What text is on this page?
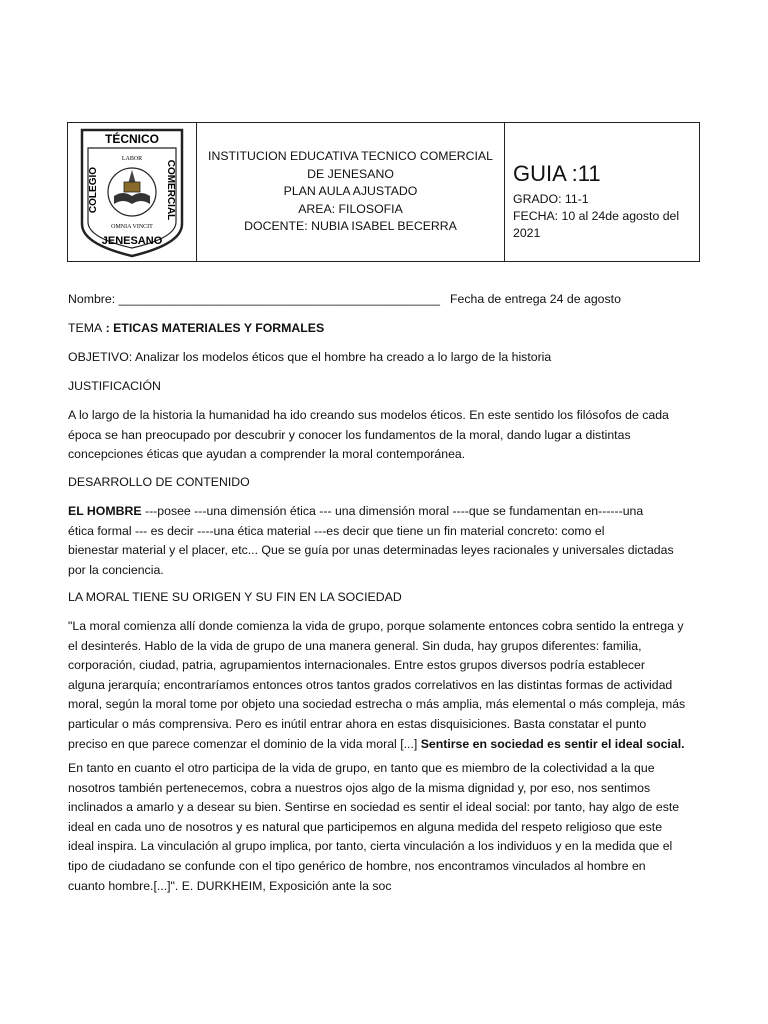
TÉCNICO
COLEGIO	COMERCIAL
LABOR
OMNIA VINCIT
JENESANO
INSTITUCION EDUCATIVA TECNICO COMERCIAL
DE JENESANO
PLAN AULA AJUSTADO
AREA: FILOSOFIA
DOCENTE: NUBIA ISABEL BECERRA
GUIA :11
GRADO: 11-1
FECHA: 10 al 24de agosto del
2021
Nombre: _______________________________________________ Fecha de entrega 24 de agosto
TEMA : ETICAS MATERIALES Y FORMALES
OBJETIVO: Analizar los modelos éticos que el hombre ha creado a lo largo de la historia
JUSTIFICACIÓN
A lo largo de la historia la humanidad ha ido creando sus modelos éticos. En este sentido los filósofos de cada
época se han preocupado por descubrir y conocer los fundamentos de la moral, dando lugar a distintas
concepciones éticas que ayudan a comprender la moral contemporánea.
DESARROLLO DE CONTENIDO
EL HOMBRE ---posee ---una dimensión ética --- una dimensión moral ----que se fundamentan en------una
ética formal --- es decir ----una ética material ---es decir que tiene un fin material concreto: como el
bienestar material y el placer, etc... Que se guía por unas determinadas leyes racionales y universales dictadas
por la conciencia.
LA MORAL TIENE SU ORIGEN Y SU FIN EN LA SOCIEDAD
"La moral comienza allí donde comienza la vida de grupo, porque solamente entonces cobra sentido la entrega y
el desinterés. Hablo de la vida de grupo de una manera general. Sin duda, hay grupos diferentes: familia,
corporación, ciudad, patria, agrupamientos internacionales. Entre estos grupos diversos podría establecer
alguna jerarquía; encontraríamos entonces otros tantos grados correlativos en las distintas formas de actividad
moral, según la moral tome por objeto una sociedad estrecha o más amplia, más elemental o más compleja, más
particular o más comprensiva. Pero es inútil entrar ahora en estas disquisiciones. Basta constatar el punto
preciso en que parece comenzar el dominio de la vida moral [...] Sentirse en sociedad es sentir el ideal social.
En tanto en cuanto el otro participa de la vida de grupo, en tanto que es miembro de la colectividad a la que
nosotros también pertenecemos, cobra a nuestros ojos algo de la misma dignidad y, por eso, nos sentimos
inclinados a amarlo y a desear su bien. Sentirse en sociedad es sentir el ideal social: por tanto, hay algo de este
ideal en cada uno de nosotros y es natural que participemos en alguna medida del respeto religioso que este
ideal inspira. La vinculación al grupo implica, por tanto, cierta vinculación a los individuos y en la medida que el
tipo de ciudadano se confunde con el tipo genérico de hombre, nos encontramos vinculados al hombre en
cuanto hombre.[...]". E. DURKHEIM, Exposición ante la soc
